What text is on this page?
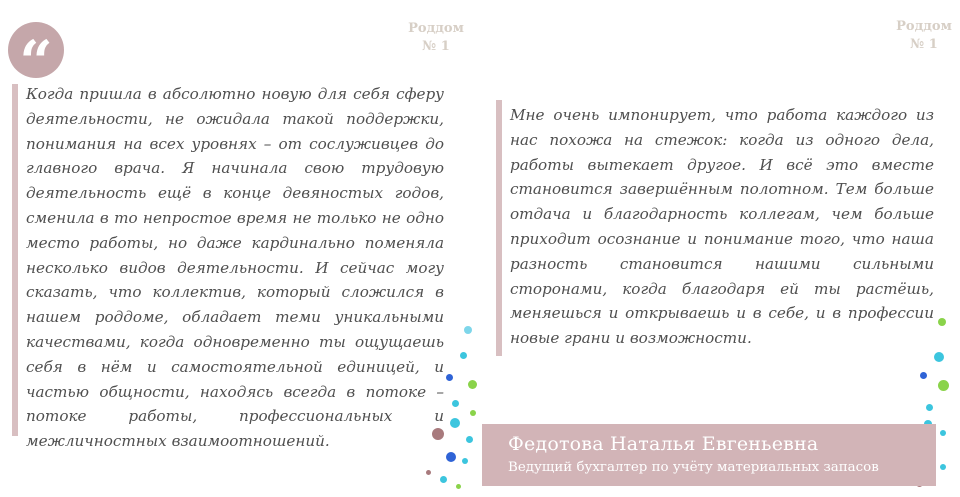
“	Роддом
№ 1

Когда пришла в абсолютно новую для себя сферу деятельности, не ожидала такой поддержки, понимания на всех уровнях – от сослуживцев до главного врача. Я начинала свою трудовую деятельность ещё в конце девяностых годов, сменила в то непростое время не только не одно место работы, но даже кардинально поменяла несколько видов деятельности. И сейчас могу сказать, что коллектив, который сложился в нашем роддоме, обладает теми уникальными качествами, когда одновременно ты ощущаешь себя в нём и самостоятельной единицей, и частью общности, находясь всегда в потоке – потоке работы, профессиональных и межличностных взаимоотношений.

Роддом
№ 1

Мне очень импонирует, что работа каждого из нас похожа на стежок: когда из одного дела, работы вытекает другое. И всё это вместе становится завершённым полотном. Тем больше отдача и благодарность коллегам, чем больше приходит осознание и понимание того, что наша разность становится нашими сильными сторонами, когда благодаря ей ты растёшь, меняешься и открываешь и в себе, и в профессии новые грани и возможности.

Федотова Наталья Евгеньевна
Ведущий бухгалтер по учёту материальных запасов
